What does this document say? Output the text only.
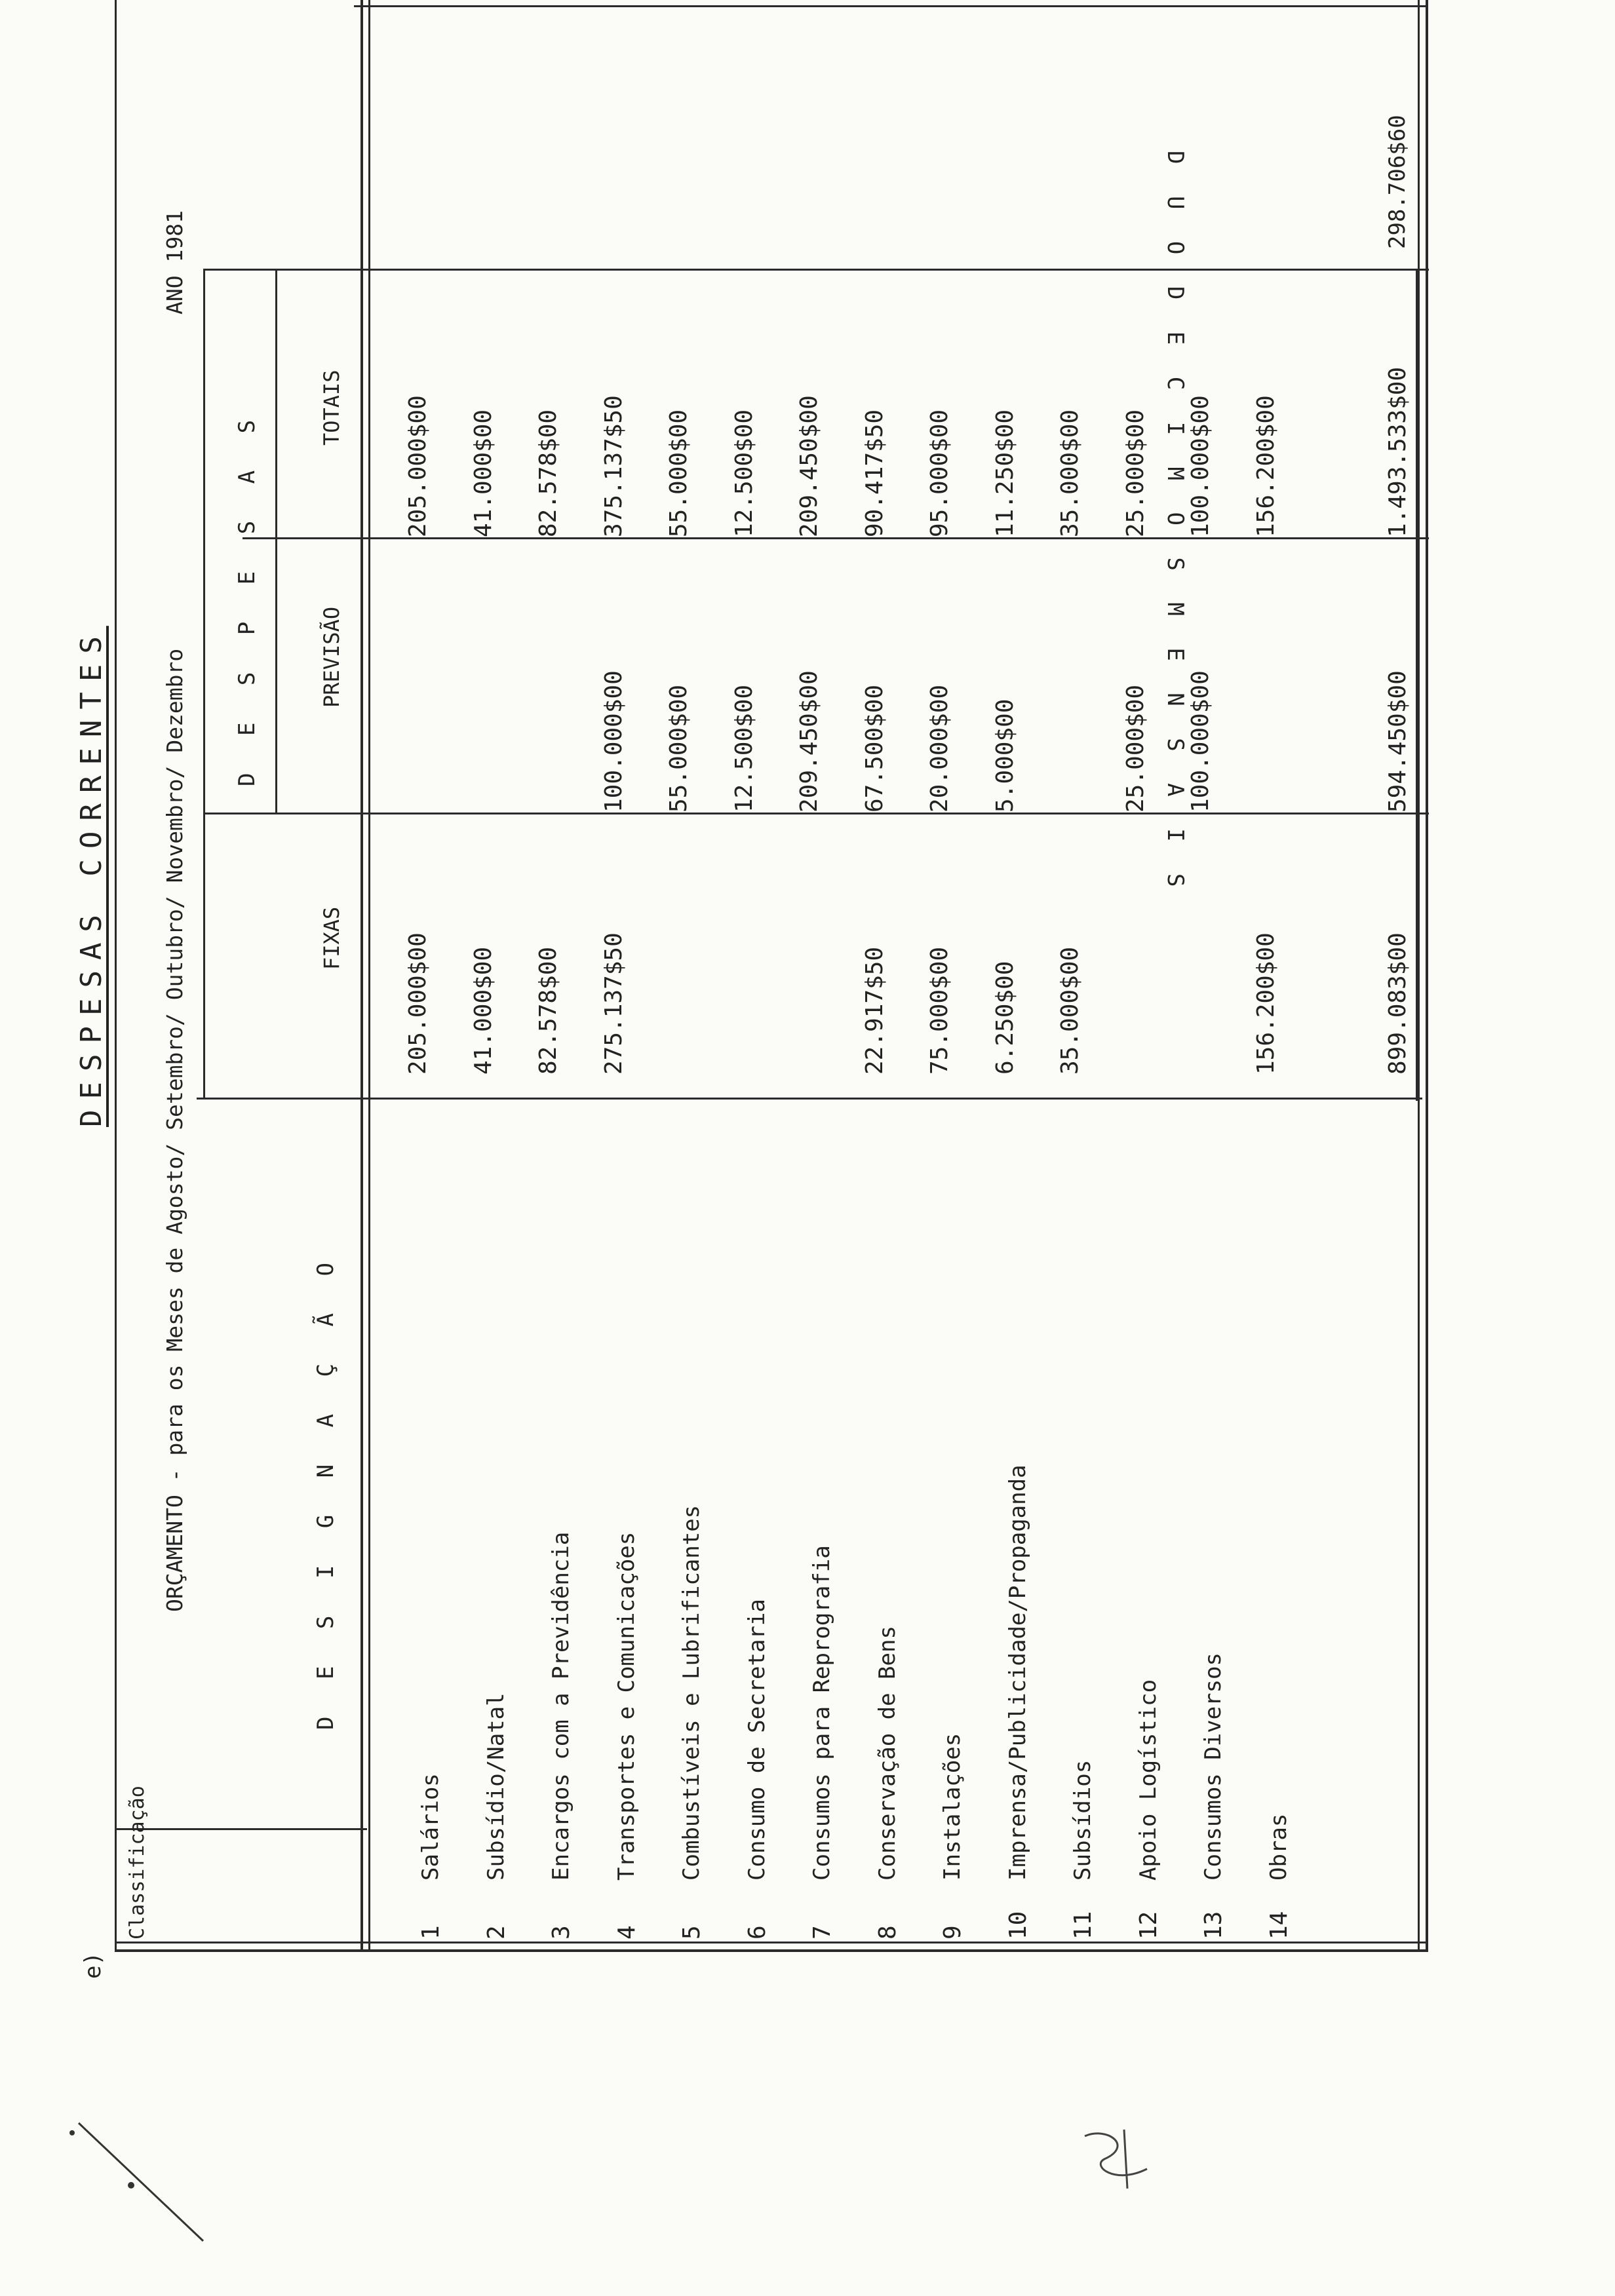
DESPESAS CORRENTES ORÇAMENTO - para os Meses de Agosto/ Setembro/ Outubro/ Novembro/ Dezembro
ANO 1981
e)
Classificação
D E S I G N A Ç Ã O
D E S P E S A S
FIXAS
PREVISÃO
TOTAIS	D U O D E C I M O S M E N S A I S
1
Salários
205.000$00
205.000$00
2
Subsídio/Natal
41.000$00
41.000$00
3
Encargos com a Previdência
82.578$00
82.578$00
4
Transportes e Comunicações
275.137$50
100.000$00
375.137$50
5
Combustíveis e Lubrificantes
55.000$00
55.000$00
6
Consumo de Secretaria
12.500$00
12.500$00
7
Consumos para Reprografia
209.450$00
209.450$00
8
Conservação de Bens
22.917$50
67.500$00
90.417$50
9
Instalações
75.000$00
20.000$00
95.000$00
10
Imprensa/Publicidade/Propaganda
6.250$00
5.000$00
11.250$00
11
Subsídios
35.000$00
35.000$00
12
Apoio Logístico
25.000$00
25.000$00
13
Consumos Diversos
100.000$00
100.000$00
14
Obras
156.200$00
156.200$00
899.083$00
594.450$00
1.493.533$00
298.706$60
